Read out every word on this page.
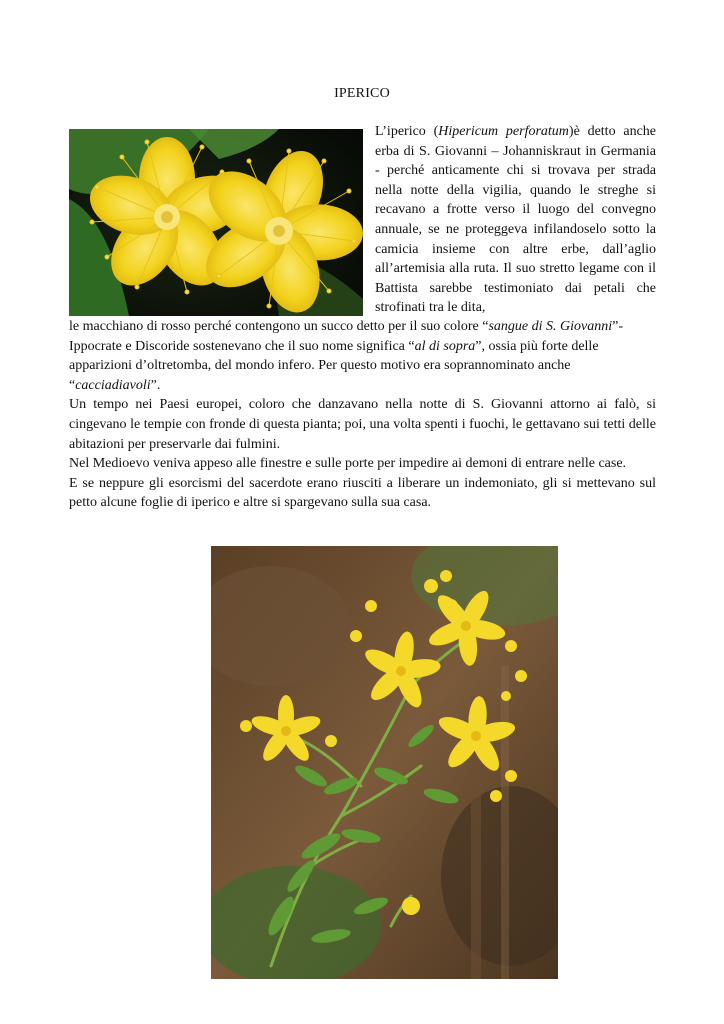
IPERICO

L’iperico (Hipericum perforatum)è detto anche erba di S. Giovanni – Johanniskraut in Germania - perché anticamente chi si trovava per strada nella notte della vigilia, quando le streghe si recavano a frotte verso il luogo del convegno annuale, se ne proteggeva infilandoselo sotto la camicia insieme con altre erbe, dall’aglio all’artemisia alla ruta. Il suo stretto legame con il Battista sarebbe testimoniato dai petali che strofinati tra le dita,

le macchiano di rosso perché contengono un succo detto per il suo colore “sangue di S. Giovanni”- Ippocrate e Discoride sostenevano che il suo nome significa “al di sopra”, ossia più forte delle apparizioni d’oltretomba, del mondo infero. Per questo motivo era soprannominato anche “cacciadiavoli”.

Un tempo nei Paesi europei, coloro che danzavano nella notte di S. Giovanni attorno ai falò, si cingevano le tempie con fronde di questa pianta; poi, una volta spenti i fuochi, le gettavano sui tetti delle abitazioni per preservarle dai fulmini.

Nel Medioevo veniva appeso alle finestre e sulle porte per impedire ai demoni di entrare nelle case.

E se neppure gli esorcismi del sacerdote erano riusciti a liberare un indemoniato, gli si mettevano sul petto alcune foglie di iperico e altre si spargevano sulla sua casa.
